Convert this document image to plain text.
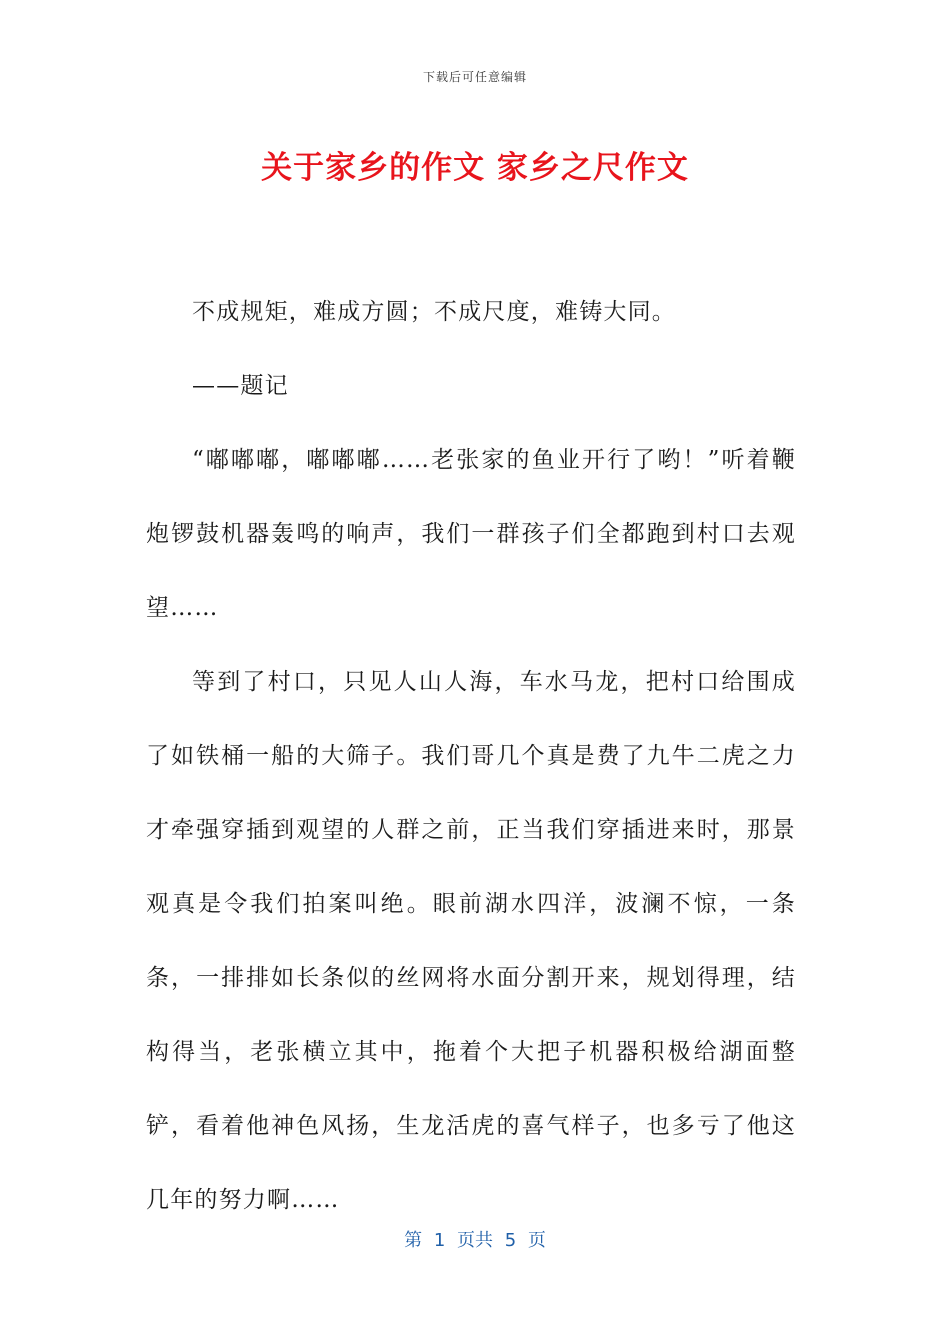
下载后可任意编辑
关于家乡的作文 家乡之尺作文

不成规矩，难成方圆；不成尺度，难铸大同。

——题记

“嘟嘟嘟，嘟嘟嘟……老张家的鱼业开行了哟！”听着鞭炮锣鼓机器轰鸣的响声，我们一群孩子们全都跑到村口去观望……

等到了村口，只见人山人海，车水马龙，把村口给围成了如铁桶一船的大筛子。我们哥几个真是费了九牛二虎之力才牵强穿插到观望的人群之前，正当我们穿插进来时，那景观真是令我们拍案叫绝。眼前湖水四洋，波澜不惊，一条条，一排排如长条似的丝网将水面分割开来，规划得理，结构得当，老张横立其中，拖着个大把子机器积极给湖面整铲，看着他神色风扬，生龙活虎的喜气样子，也多亏了他这几年的努力啊……

第 1 页共 5 页
